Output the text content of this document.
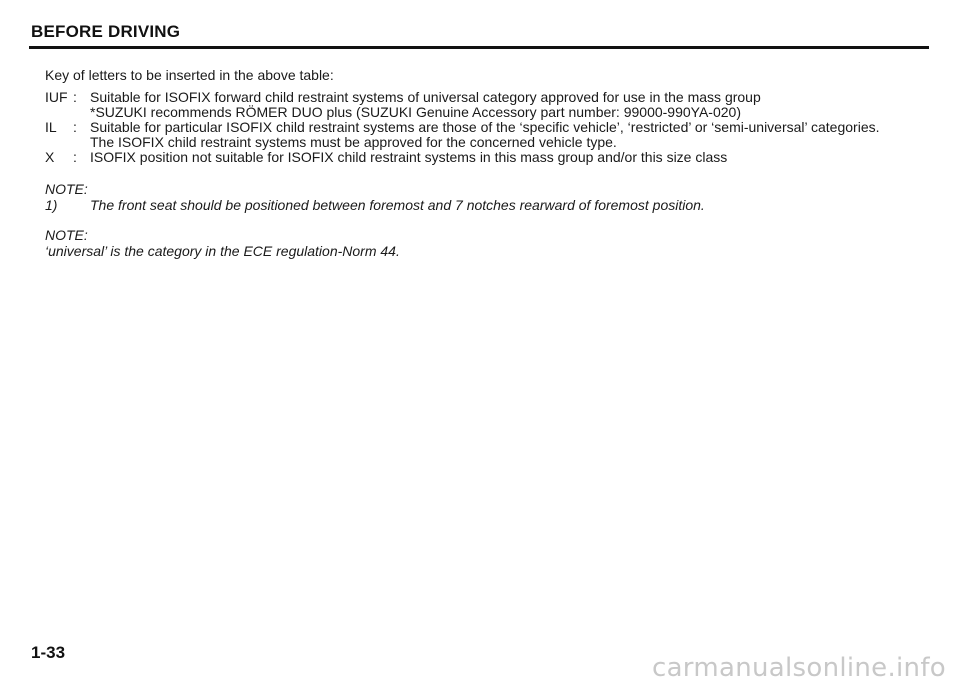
BEFORE DRIVING
Key of letters to be inserted in the above table:
IUF : Suitable for ISOFIX forward child restraint systems of universal category approved for use in the mass group
*SUZUKI recommends RÖMER DUO plus (SUZUKI Genuine Accessory part number: 99000-990YA-020)
IL	: Suitable for particular ISOFIX child restraint systems are those of the ‘specific vehicle’, ‘restricted’ or ‘semi-universal’ categories.
The ISOFIX child restraint systems must be approved for the concerned vehicle type.
X	: ISOFIX position not suitable for ISOFIX child restraint systems in this mass group and/or this size class
NOTE:
1)	The front seat should be positioned between foremost and 7 notches rearward of foremost position.
NOTE:
‘universal’ is the category in the ECE regulation-Norm 44.
1-33
carmanualsonline.info
